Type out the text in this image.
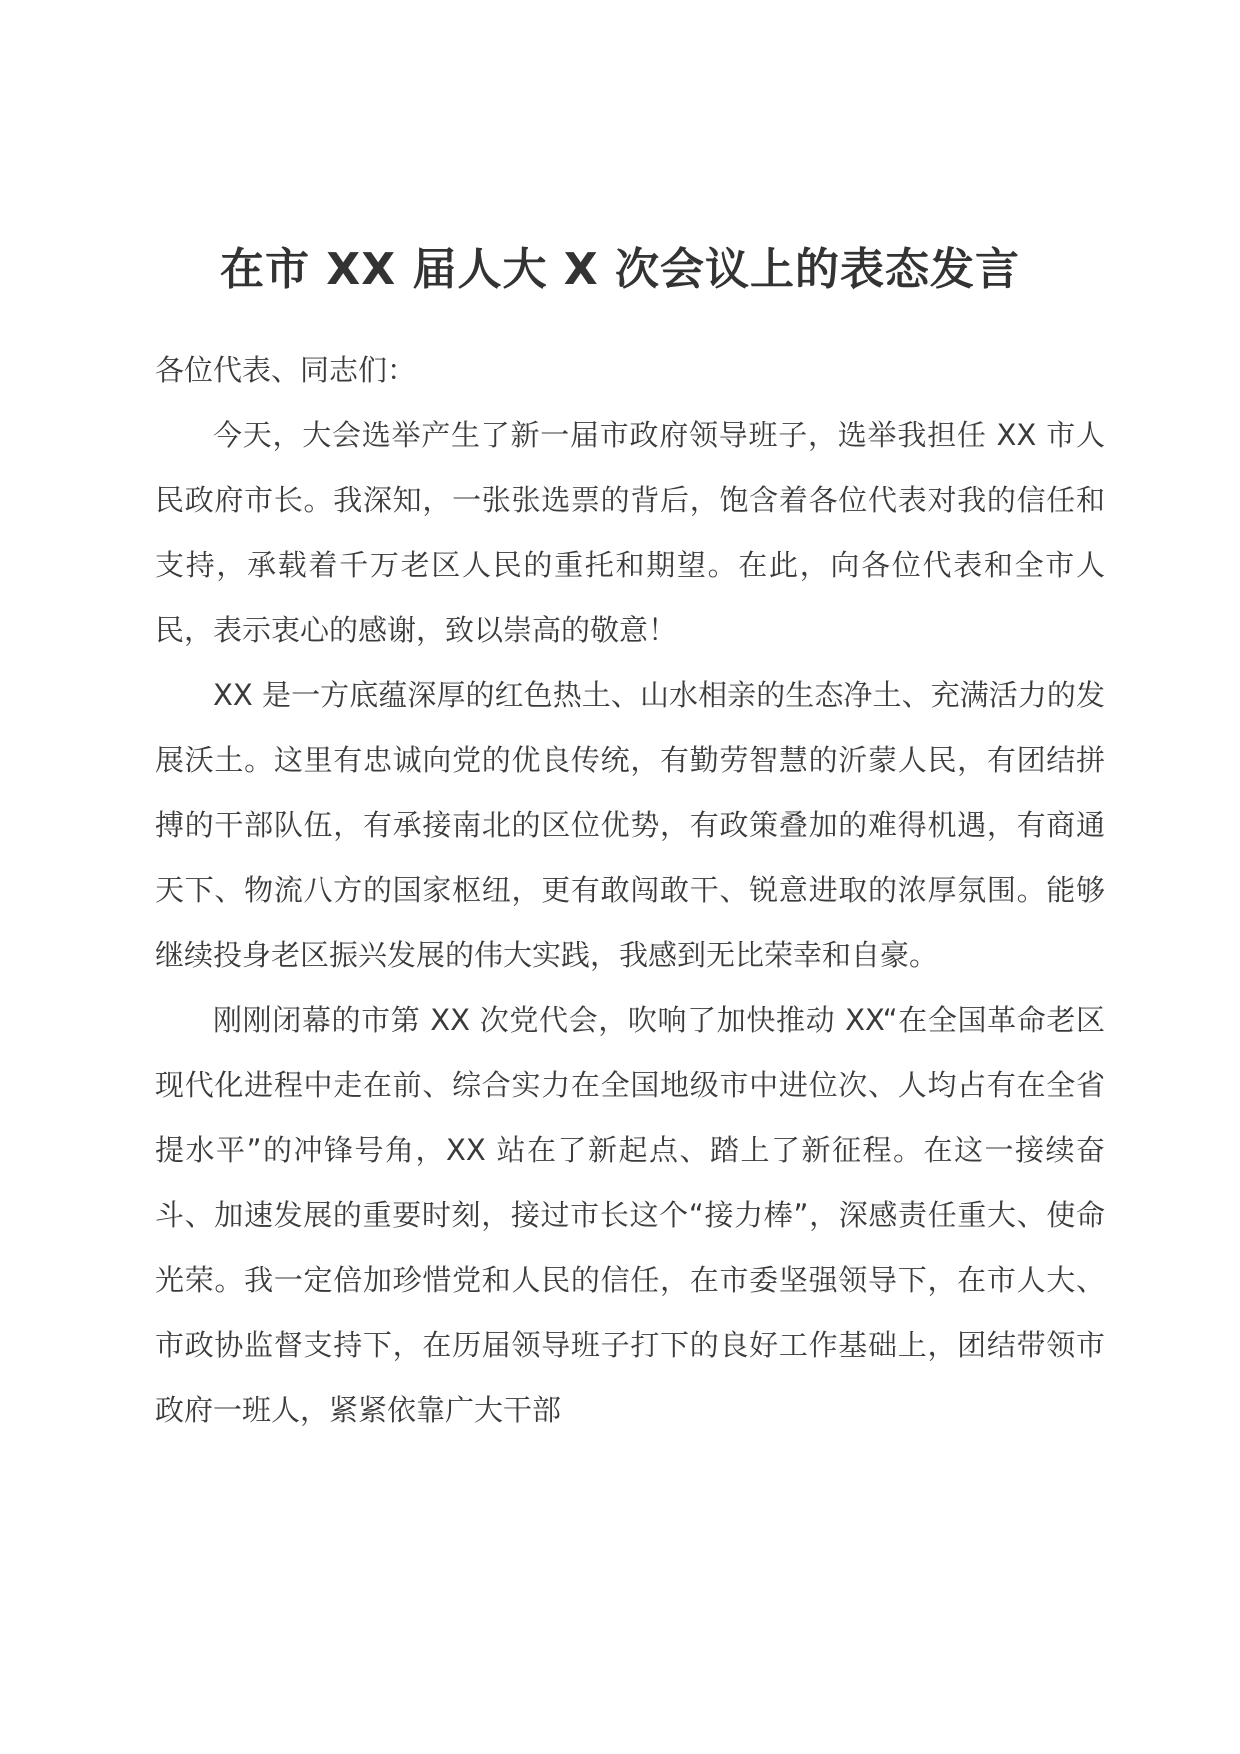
在市 XX 届人大 X 次会议上的表态发言

各位代表、同志们：

今天，大会选举产生了新一届市政府领导班子，选举我担任 XX 市人民政府市长。我深知，一张张选票的背后，饱含着各位代表对我的信任和支持，承载着千万老区人民的重托和期望。在此，向各位代表和全市人民，表示衷心的感谢，致以崇高的敬意！

XX 是一方底蕴深厚的红色热土、山水相亲的生态净土、充满活力的发展沃土。这里有忠诚向党的优良传统，有勤劳智慧的沂蒙人民，有团结拼搏的干部队伍，有承接南北的区位优势，有政策叠加的难得机遇，有商通天下、物流八方的国家枢纽，更有敢闯敢干、锐意进取的浓厚氛围。能够继续投身老区振兴发展的伟大实践，我感到无比荣幸和自豪。

刚刚闭幕的市第 XX 次党代会，吹响了加快推动 XX“在全国革命老区现代化进程中走在前、综合实力在全国地级市中进位次、人均占有在全省提水平”的冲锋号角，XX 站在了新起点、踏上了新征程。在这一接续奋斗、加速发展的重要时刻，接过市长这个“接力棒”，深感责任重大、使命光荣。我一定倍加珍惜党和人民的信任，在市委坚强领导下，在市人大、市政协监督支持下，在历届领导班子打下的良好工作基础上，团结带领市政府一班人，紧紧依靠广大干部
